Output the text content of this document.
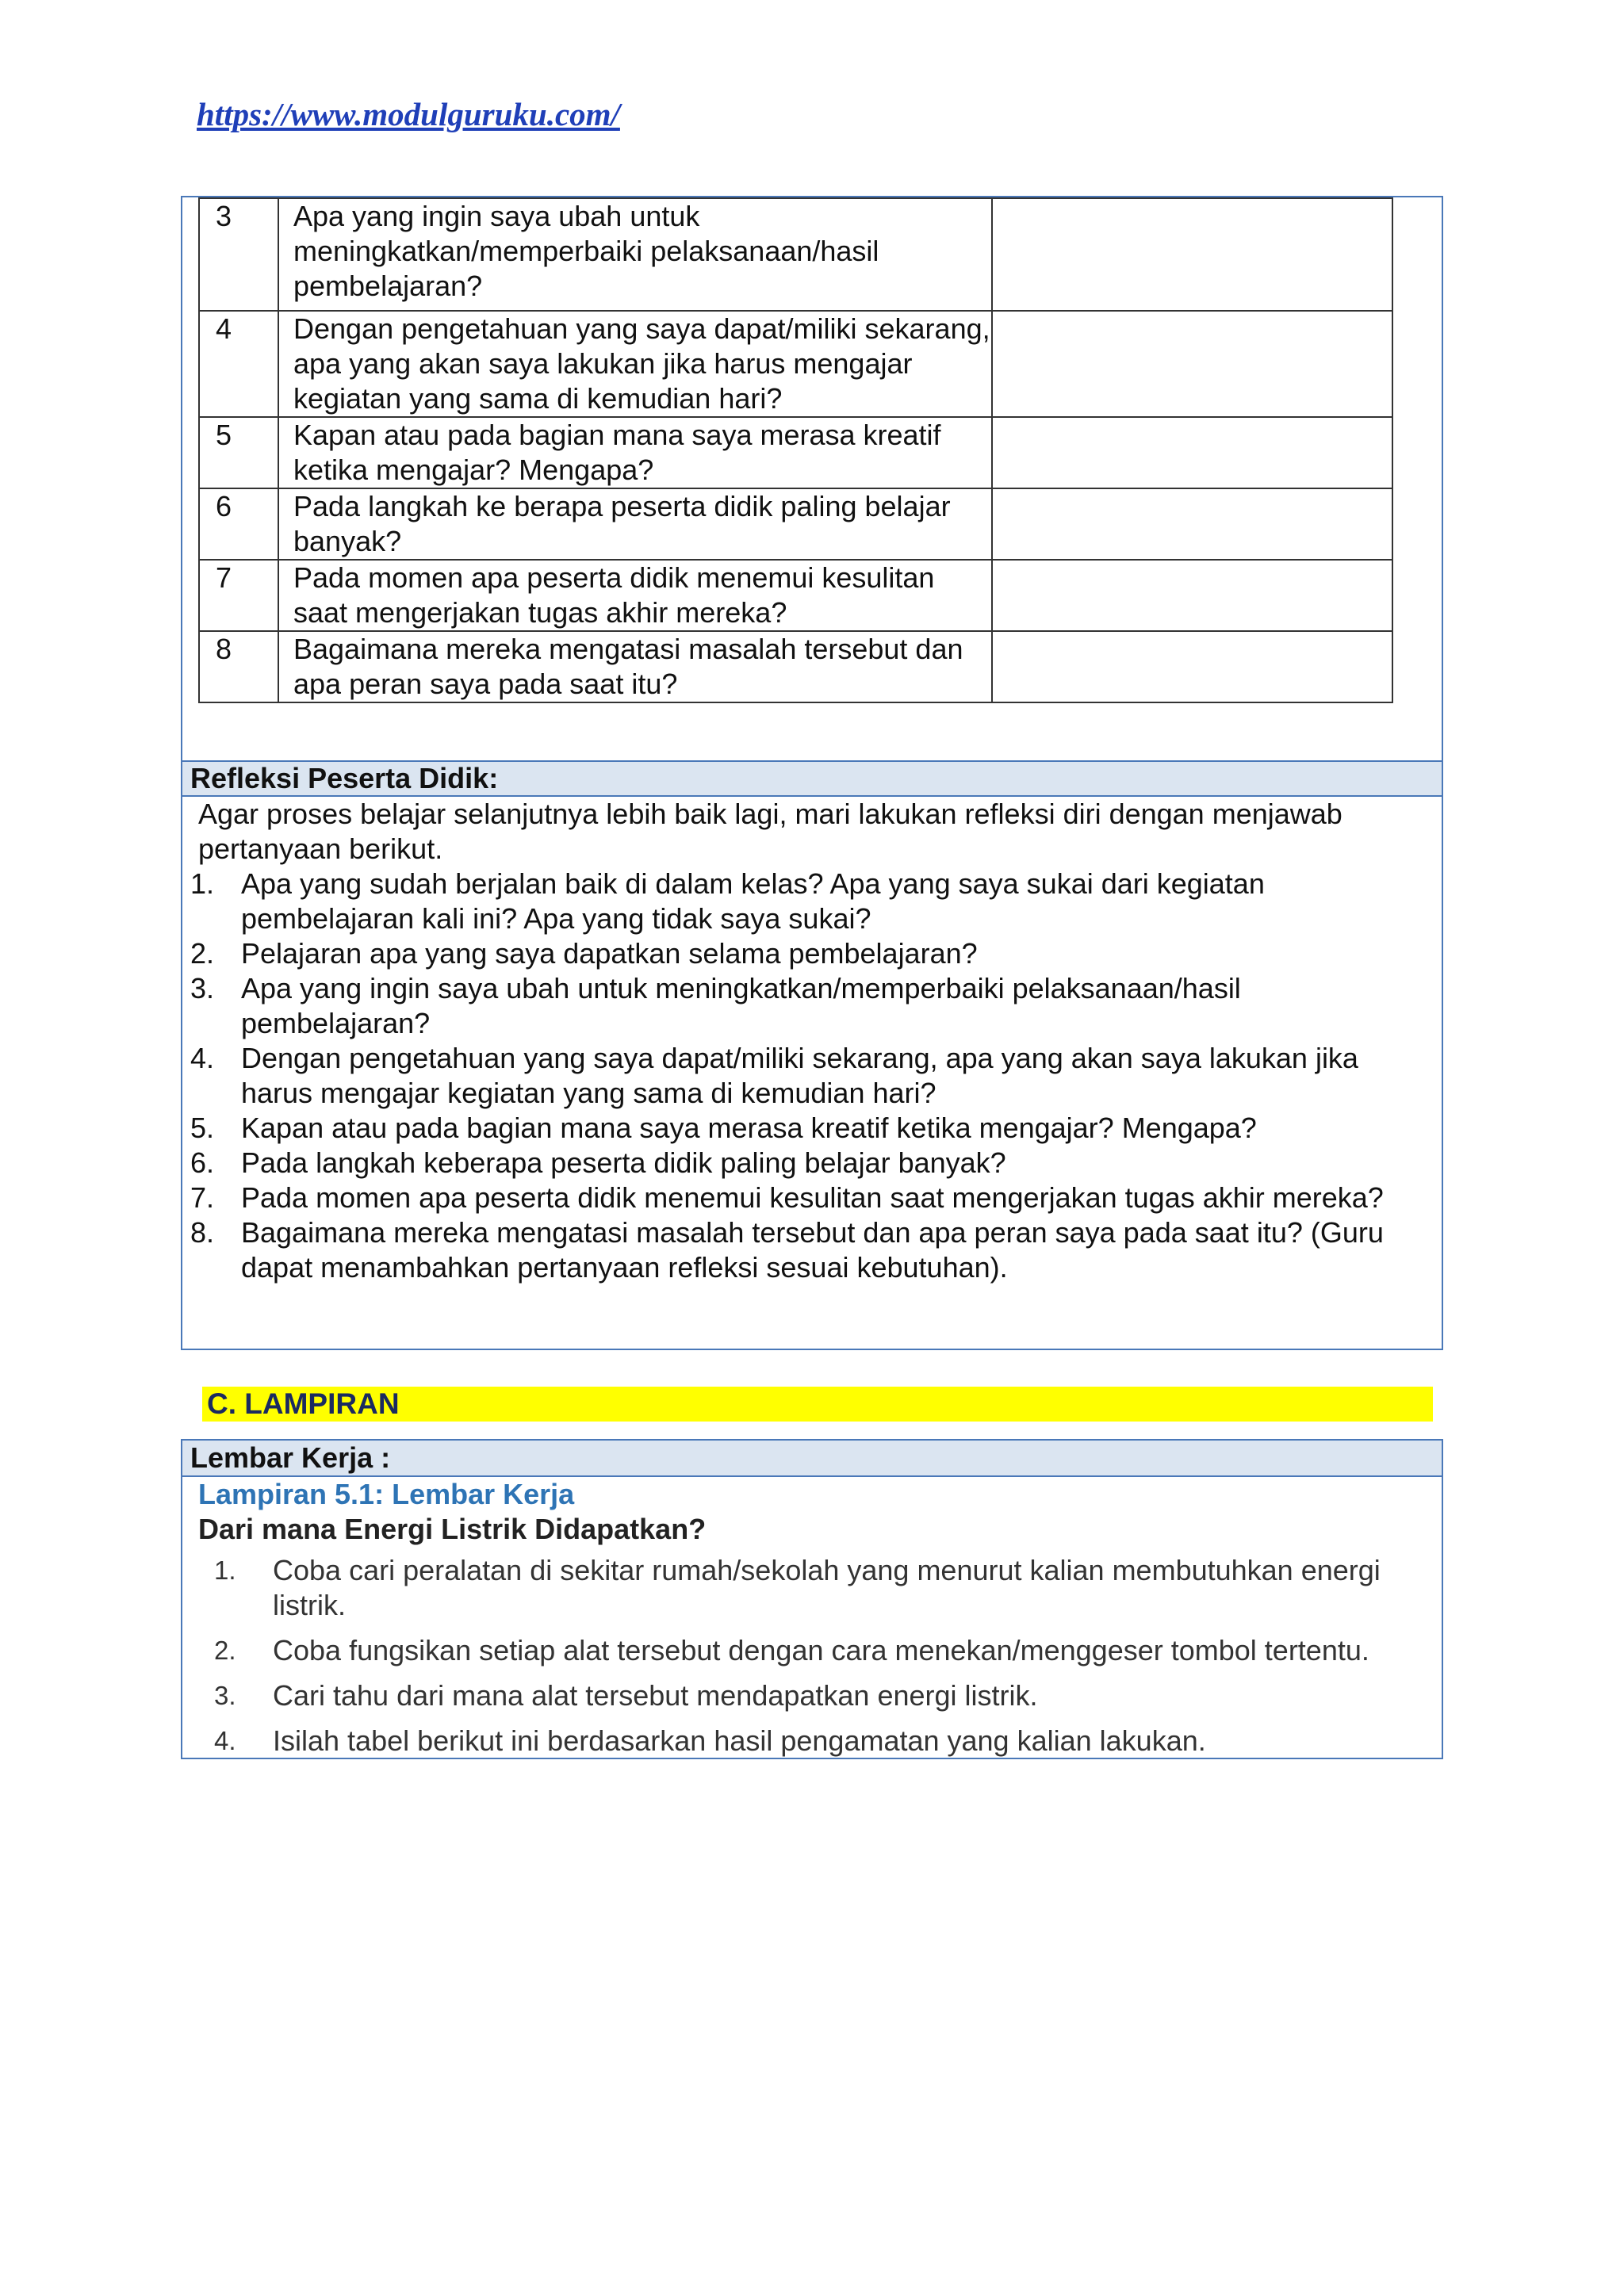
https://www.modulguruku.com/
3	Apa yang ingin saya ubah untuk meningkatkan/memperbaiki pelaksanaan/hasil pembelajaran?	
4	Dengan pengetahuan yang saya dapat/miliki sekarang, apa yang akan saya lakukan jika harus mengajar kegiatan yang sama di kemudian hari?	
5	Kapan atau pada bagian mana saya merasa kreatif ketika mengajar? Mengapa?	
6	Pada langkah ke berapa peserta didik paling belajar banyak?	
7	Pada momen apa peserta didik menemui kesulitan saat mengerjakan tugas akhir mereka?	
8	Bagaimana mereka mengatasi masalah tersebut dan apa peran saya pada saat itu?	
Refleksi Peserta Didik:
Agar proses belajar selanjutnya lebih baik lagi, mari lakukan refleksi diri dengan menjawab pertanyaan berikut.
1. Apa yang sudah berjalan baik di dalam kelas? Apa yang saya sukai dari kegiatan pembelajaran kali ini? Apa yang tidak saya sukai?
2. Pelajaran apa yang saya dapatkan selama pembelajaran?
3. Apa yang ingin saya ubah untuk meningkatkan/memperbaiki pelaksanaan/hasil pembelajaran?
4. Dengan pengetahuan yang saya dapat/miliki sekarang, apa yang akan saya lakukan jika harus mengajar kegiatan yang sama di kemudian hari?
5. Kapan atau pada bagian mana saya merasa kreatif ketika mengajar? Mengapa?
6. Pada langkah keberapa peserta didik paling belajar banyak?
7. Pada momen apa peserta didik menemui kesulitan saat mengerjakan tugas akhir mereka?
8. Bagaimana mereka mengatasi masalah tersebut dan apa peran saya pada saat itu? (Guru dapat menambahkan pertanyaan refleksi sesuai kebutuhan).
C. LAMPIRAN
Lembar Kerja :
Lampiran 5.1: Lembar Kerja
Dari mana Energi Listrik Didapatkan?
1. Coba cari peralatan di sekitar rumah/sekolah yang menurut kalian membutuhkan energi listrik.
2. Coba fungsikan setiap alat tersebut dengan cara menekan/menggeser tombol tertentu.
3. Cari tahu dari mana alat tersebut mendapatkan energi listrik.
4. Isilah tabel berikut ini berdasarkan hasil pengamatan yang kalian lakukan.
